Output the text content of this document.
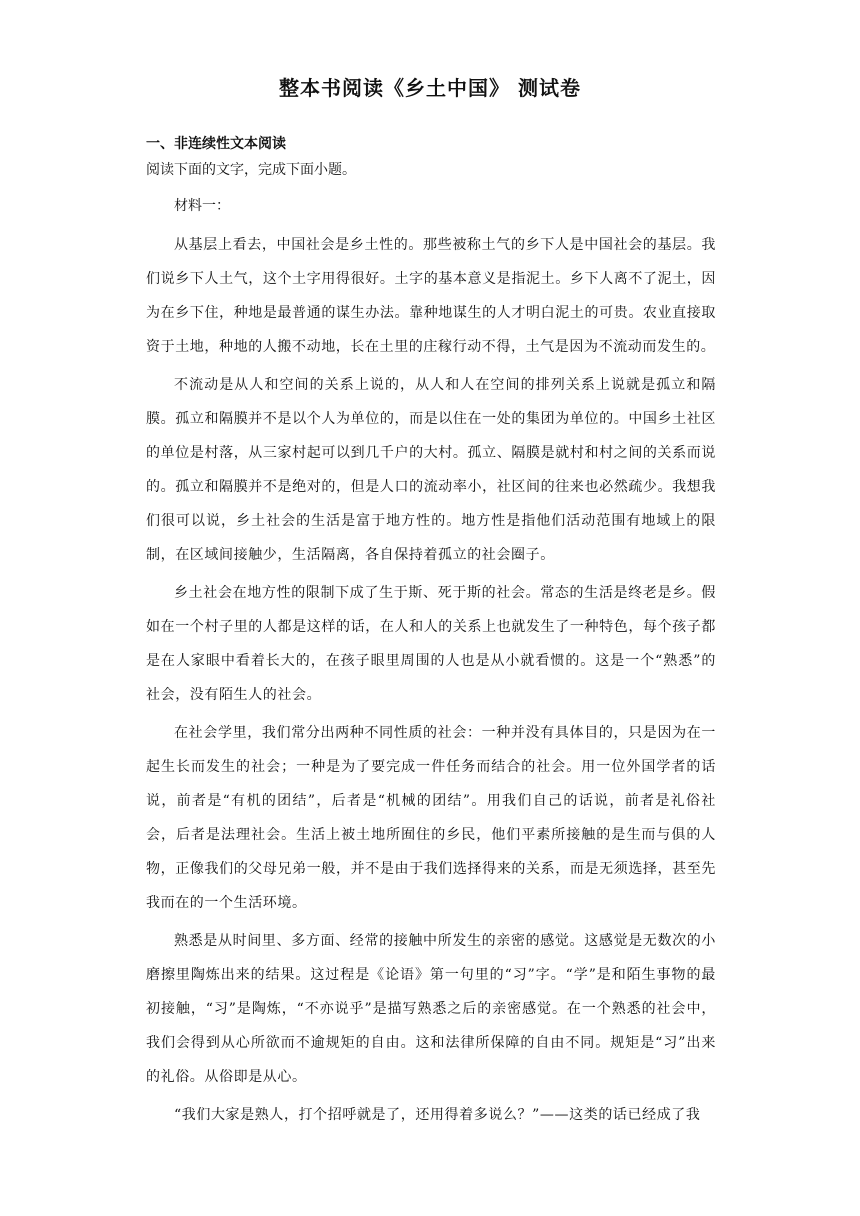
整本书阅读《乡土中国》 测试卷
一、非连续性文本阅读
阅读下面的文字，完成下面小题。
材料一：

从基层上看去，中国社会是乡土性的。那些被称土气的乡下人是中国社会的基层。我们说乡下人土气，这个土字用得很好。土字的基本意义是指泥土。乡下人离不了泥土，因为在乡下住，种地是最普通的谋生办法。靠种地谋生的人才明白泥土的可贵。农业直接取资于土地，种地的人搬不动地，长在土里的庄稼行动不得，土气是因为不流动而发生的。

不流动是从人和空间的关系上说的，从人和人在空间的排列关系上说就是孤立和隔膜。孤立和隔膜并不是以个人为单位的，而是以住在一处的集团为单位的。中国乡土社区的单位是村落，从三家村起可以到几千户的大村。孤立、隔膜是就村和村之间的关系而说的。孤立和隔膜并不是绝对的，但是人口的流动率小，社区间的往来也必然疏少。我想我们很可以说，乡土社会的生活是富于地方性的。地方性是指他们活动范围有地域上的限制，在区域间接触少，生活隔离，各自保持着孤立的社会圈子。

乡土社会在地方性的限制下成了生于斯、死于斯的社会。常态的生活是终老是乡。假如在一个村子里的人都是这样的话，在人和人的关系上也就发生了一种特色，每个孩子都是在人家眼中看着长大的，在孩子眼里周围的人也是从小就看惯的。这是一个“熟悉”的社会，没有陌生人的社会。

在社会学里，我们常分出两种不同性质的社会：一种并没有具体目的，只是因为在一起生长而发生的社会；一种是为了要完成一件任务而结合的社会。用一位外国学者的话说，前者是“有机的团结”，后者是“机械的团结”。用我们自己的话说，前者是礼俗社会，后者是法理社会。生活上被土地所囿住的乡民，他们平素所接触的是生而与俱的人物，正像我们的父母兄弟一般，并不是由于我们选择得来的关系，而是无须选择，甚至先我而在的一个生活环境。

熟悉是从时间里、多方面、经常的接触中所发生的亲密的感觉。这感觉是无数次的小磨擦里陶炼出来的结果。这过程是《论语》第一句里的“习”字。“学”是和陌生事物的最初接触，“习”是陶炼，“不亦说乎”是描写熟悉之后的亲密感觉。在一个熟悉的社会中，我们会得到从心所欲而不逾规矩的自由。这和法律所保障的自由不同。规矩是“习”出来的礼俗。从俗即是从心。

“我们大家是熟人，打个招呼就是了，还用得着多说么？”——这类的话已经成了我
